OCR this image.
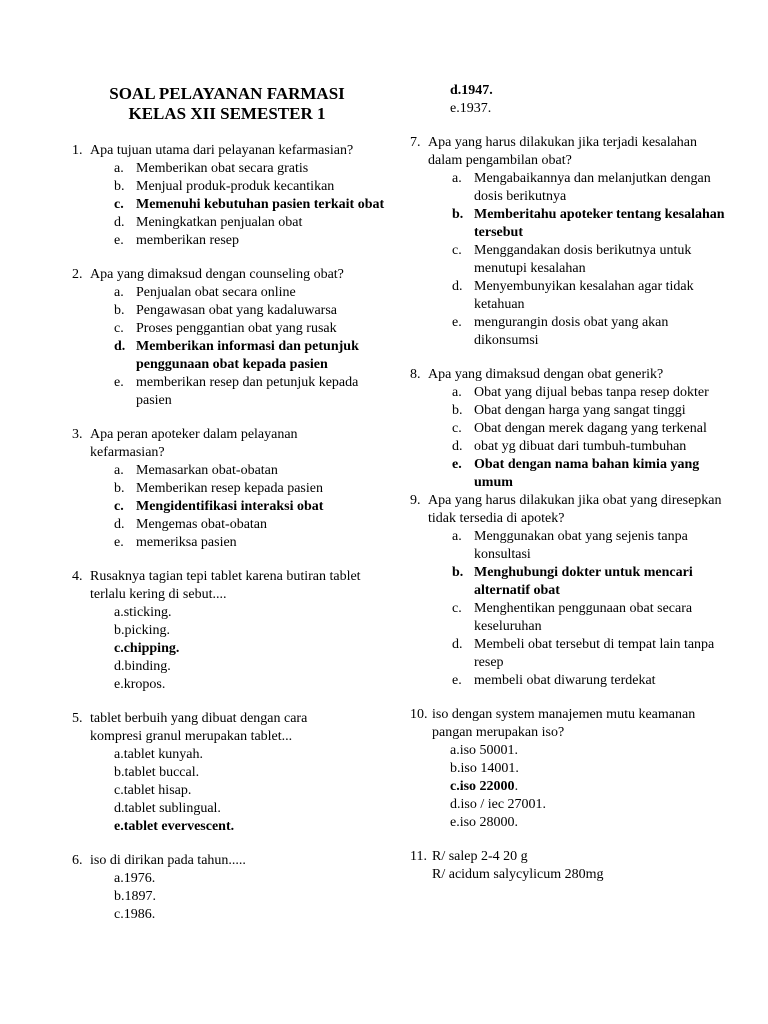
SOAL PELAYANAN FARMASI
KELAS XII SEMESTER 1
1. Apa tujuan utama dari pelayanan kefarmasian?
a. Memberikan obat secara gratis
b. Menjual produk-produk kecantikan
c. Memenuhi kebutuhan pasien terkait obat
d. Meningkatkan penjualan obat
e. memberikan resep
2. Apa yang dimaksud dengan counseling obat?
a. Penjualan obat secara online
b. Pengawasan obat yang kadaluwarsa
c. Proses penggantian obat yang rusak
d. Memberikan informasi dan petunjuk penggunaan obat kepada pasien
e. memberikan resep dan petunjuk kepada pasien
3. Apa peran apoteker dalam pelayanan kefarmasian?
a. Memasarkan obat-obatan
b. Memberikan resep kepada pasien
c. Mengidentifikasi interaksi obat
d. Mengemas obat-obatan
e. memeriksa pasien
4. Rusaknya tagian tepi tablet karena butiran tablet terlalu kering di sebut....
a.sticking.
b.picking.
c.chipping.
d.binding.
e.kropos.
5. tablet berbuih yang dibuat dengan cara kompresi granul merupakan tablet...
a.tablet kunyah.
b.tablet buccal.
c.tablet hisap.
d.tablet sublingual.
e.tablet evervescent.
6. iso di dirikan pada tahun.....
a.1976.
b.1897.
c.1986.
d.1947.
e.1937.
7. Apa yang harus dilakukan jika terjadi kesalahan dalam pengambilan obat?
a. Mengabaikannya dan melanjutkan dengan dosis berikutnya
b. Memberitahu apoteker tentang kesalahan tersebut
c. Menggandakan dosis berikutnya untuk menutupi kesalahan
d. Menyembunyikan kesalahan agar tidak ketahuan
e. mengurangin dosis obat yang akan dikonsumsi
8. Apa yang dimaksud dengan obat generik?
a. Obat yang dijual bebas tanpa resep dokter
b. Obat dengan harga yang sangat tinggi
c. Obat dengan merek dagang yang terkenal
d. obat yg dibuat dari tumbuh-tumbuhan
e. Obat dengan nama bahan kimia yang umum
9. Apa yang harus dilakukan jika obat yang diresepkan tidak tersedia di apotek?
a. Menggunakan obat yang sejenis tanpa konsultasi
b. Menghubungi dokter untuk mencari alternatif obat
c. Menghentikan penggunaan obat secara keseluruhan
d. Membeli obat tersebut di tempat lain tanpa resep
e. membeli obat diwarung terdekat
10. iso dengan system manajemen mutu keamanan pangan merupakan iso?
a.iso 50001.
b.iso 14001.
c.iso 22000.
d.iso / iec 27001.
e.iso 28000.
11. R/ salep 2-4 20 g
R/ acidum salycylicum 280mg
